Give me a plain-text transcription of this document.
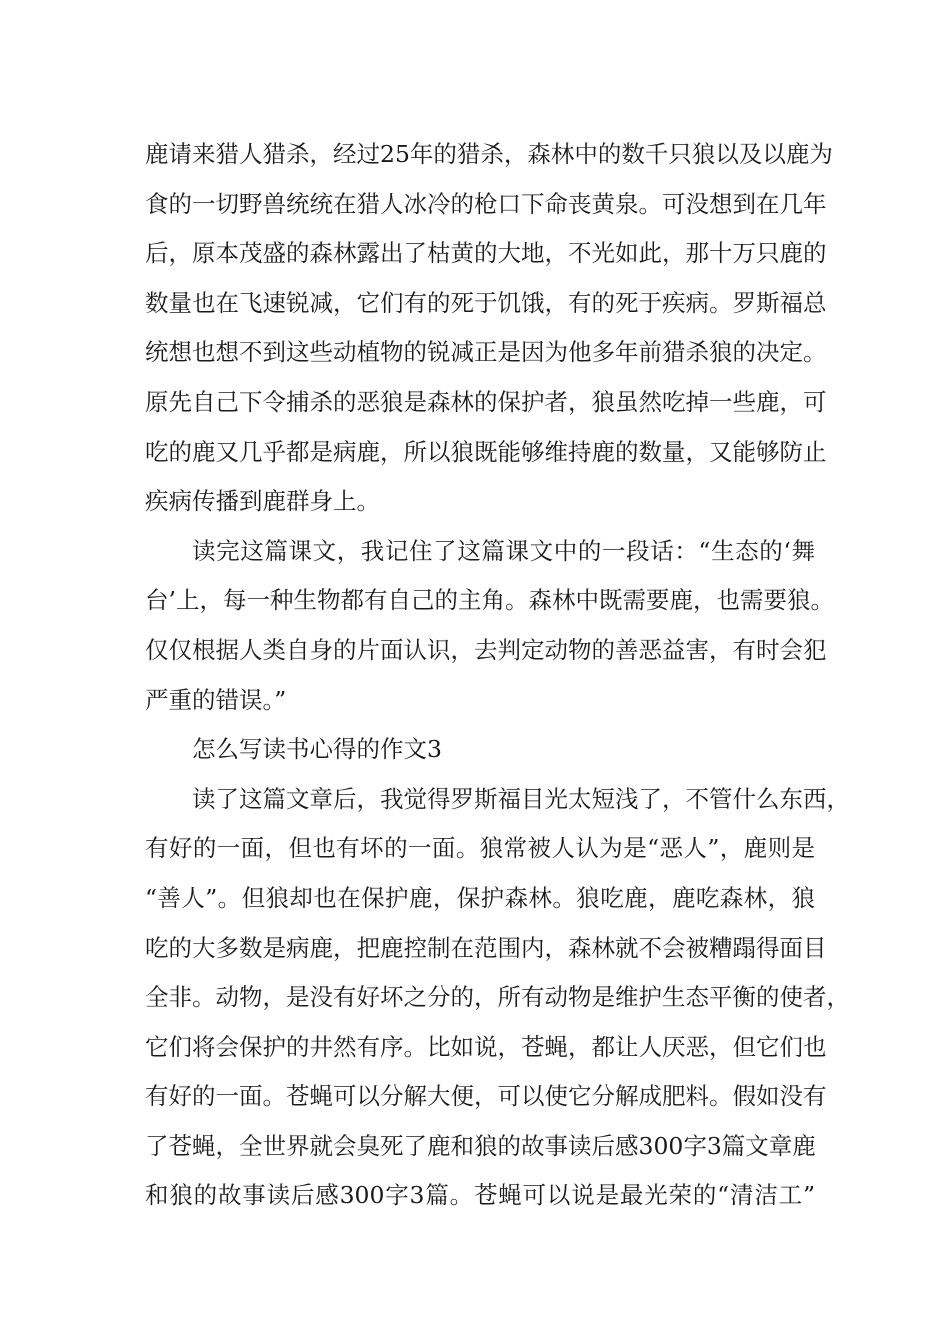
鹿请来猎人猎杀，经过25年的猎杀，森林中的数千只狼以及以鹿为
食的一切野兽统统在猎人冰冷的枪口下命丧黄泉。可没想到在几年
后，原本茂盛的森林露出了枯黄的大地，不光如此，那十万只鹿的
数量也在飞速锐减，它们有的死于饥饿，有的死于疾病。罗斯福总
统想也想不到这些动植物的锐减正是因为他多年前猎杀狼的决定。
原先自己下令捕杀的恶狼是森林的保护者，狼虽然吃掉一些鹿，可
吃的鹿又几乎都是病鹿，所以狼既能够维持鹿的数量，又能够防止
疾病传播到鹿群身上。
读完这篇课文，我记住了这篇课文中的一段话：“生态的‘舞
台’上，每一种生物都有自己的主角。森林中既需要鹿，也需要狼。
仅仅根据人类自身的片面认识，去判定动物的善恶益害，有时会犯
严重的错误。”
怎么写读书心得的作文3
读了这篇文章后，我觉得罗斯福目光太短浅了，不管什么东西，
有好的一面，但也有坏的一面。狼常被人认为是“恶人”，鹿则是
“善人”。但狼却也在保护鹿，保护森林。狼吃鹿，鹿吃森林，狼
吃的大多数是病鹿，把鹿控制在范围内，森林就不会被糟蹋得面目
全非。动物，是没有好坏之分的，所有动物是维护生态平衡的使者，
它们将会保护的井然有序。比如说，苍蝇，都让人厌恶，但它们也
有好的一面。苍蝇可以分解大便，可以使它分解成肥料。假如没有
了苍蝇，全世界就会臭死了鹿和狼的故事读后感300字3篇文章鹿
和狼的故事读后感300字3篇。苍蝇可以说是最光荣的“清洁工”
